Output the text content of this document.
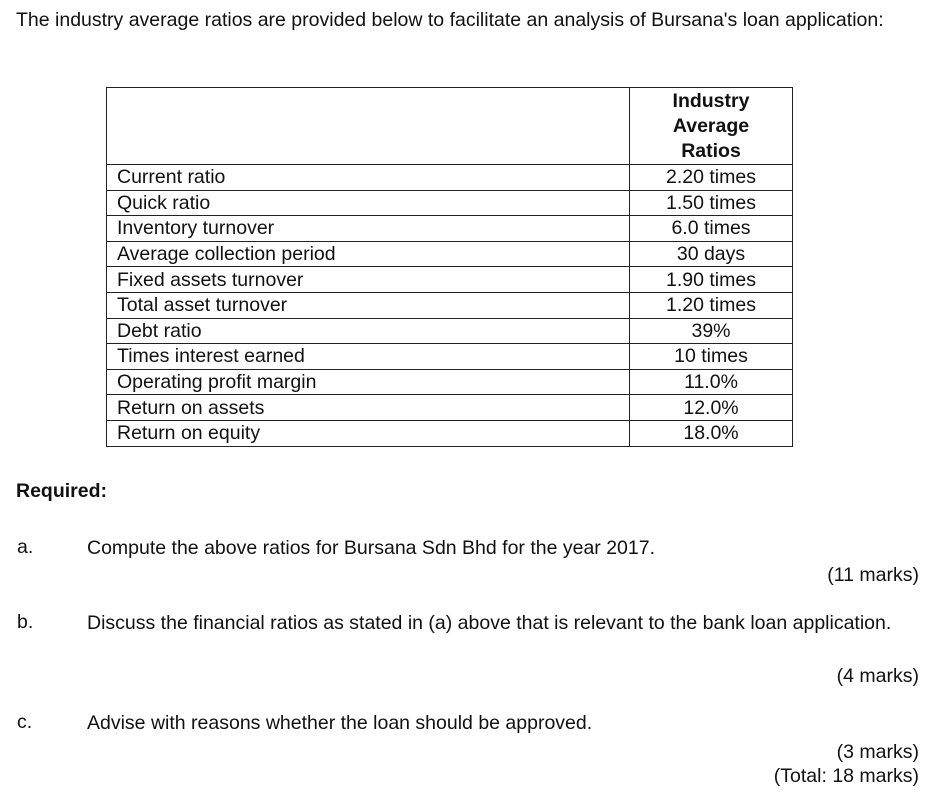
The industry average ratios are provided below to facilitate an analysis of Bursana's loan application:

	Industry
Average
Ratios

Current ratio	2.20 times
Quick ratio	1.50 times
Inventory turnover	6.0 times
Average collection period	30 days
Fixed assets turnover	1.90 times
Total asset turnover	1.20 times
Debt ratio	39%
Times interest earned	10 times
Operating profit margin	11.0%
Return on assets	12.0%
Return on equity	18.0%

Required:

a.	Compute the above ratios for Bursana Sdn Bhd for the year 2017.
(11 marks)
b.	Discuss the financial ratios as stated in (a) above that is relevant to the bank loan application.
(4 marks)
c.	Advise with reasons whether the loan should be approved.
(3 marks)
(Total: 18 marks)
